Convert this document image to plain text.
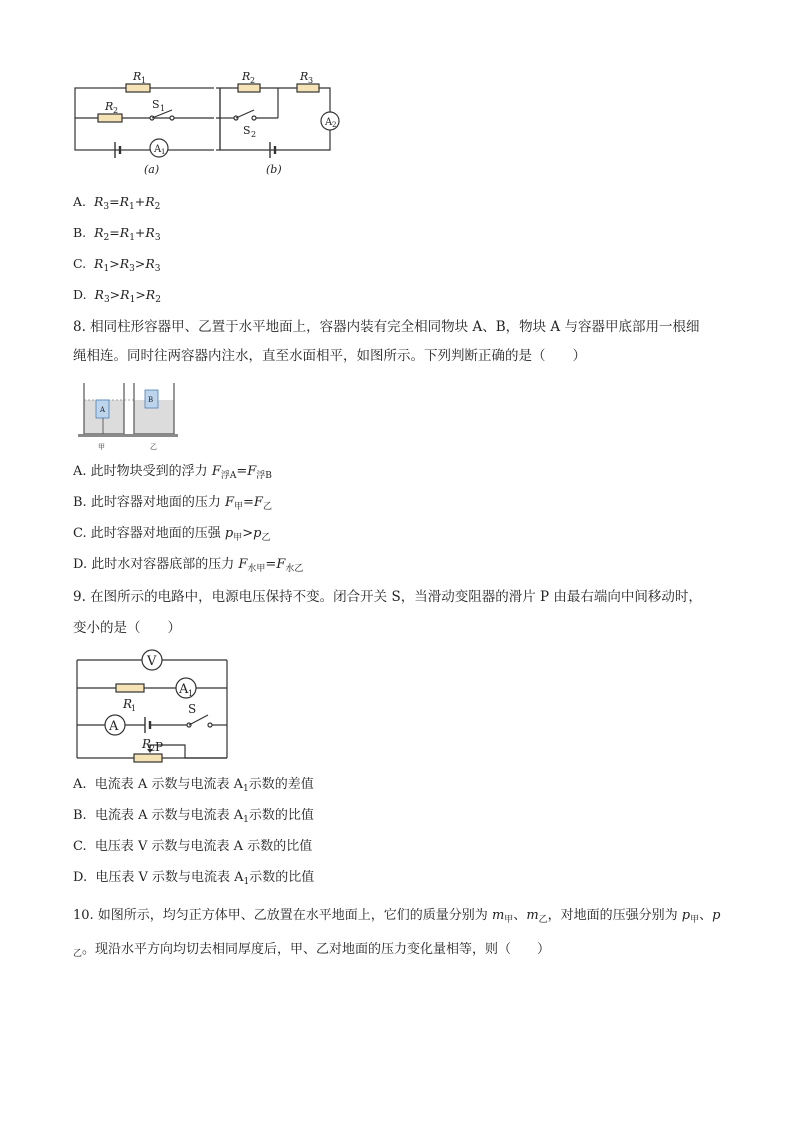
R 1
R 2	S 1
A 1
(a)
R 2	R 3
S 2
A 2
(b)
A. $R_3=R_1+R_2$
B. $R_2=R_1+R_3$
C. $R_1>R_3>R_3$
D. $R_3>R_1>R_2$
8. 相同柱形容器甲、乙置于水平地面上，容器内装有完全相同物块 A、B，物块 A 与容器甲底部用一根细
绳相连。同时往两容器内注水，直至水面相平，如图所示。下列判断正确的是（　　）
A
B
甲	乙
A. 此时物块受到的浮力 $F_{浮A}=F_{浮B}$
B. 此时容器对地面的压力 $F_甲=F_乙$
C. 此时容器对地面的压强 $p_甲>p_乙$
D. 此时水对容器底部的压力 $F_{水甲}=F_{水乙}$
9. 在图所示的电路中，电源电压保持不变。闭合开关 S，当滑动变阻器的滑片 P 由最右端向中间移动时，
变小的是（　　）
V
A 1
A
R
1
R
2 P
S
A. 电流表 A 示数与电流表 $A_1$示数的差值
B. 电流表 A 示数与电流表 $A_1$示数的比值
C. 电压表 V 示数与电流表 A 示数的比值
D. 电压表 V 示数与电流表 $A_1$示数的比值
10. 如图所示，均匀正方体甲、乙放置在水平地面上，它们的质量分别为 $m_甲$、$m_乙$，对地面的压强分别为 $p_甲$、$p_乙$。现沿水平方向均切去相同厚度后，甲、乙对地面的压力变化量相等，则（　　）
